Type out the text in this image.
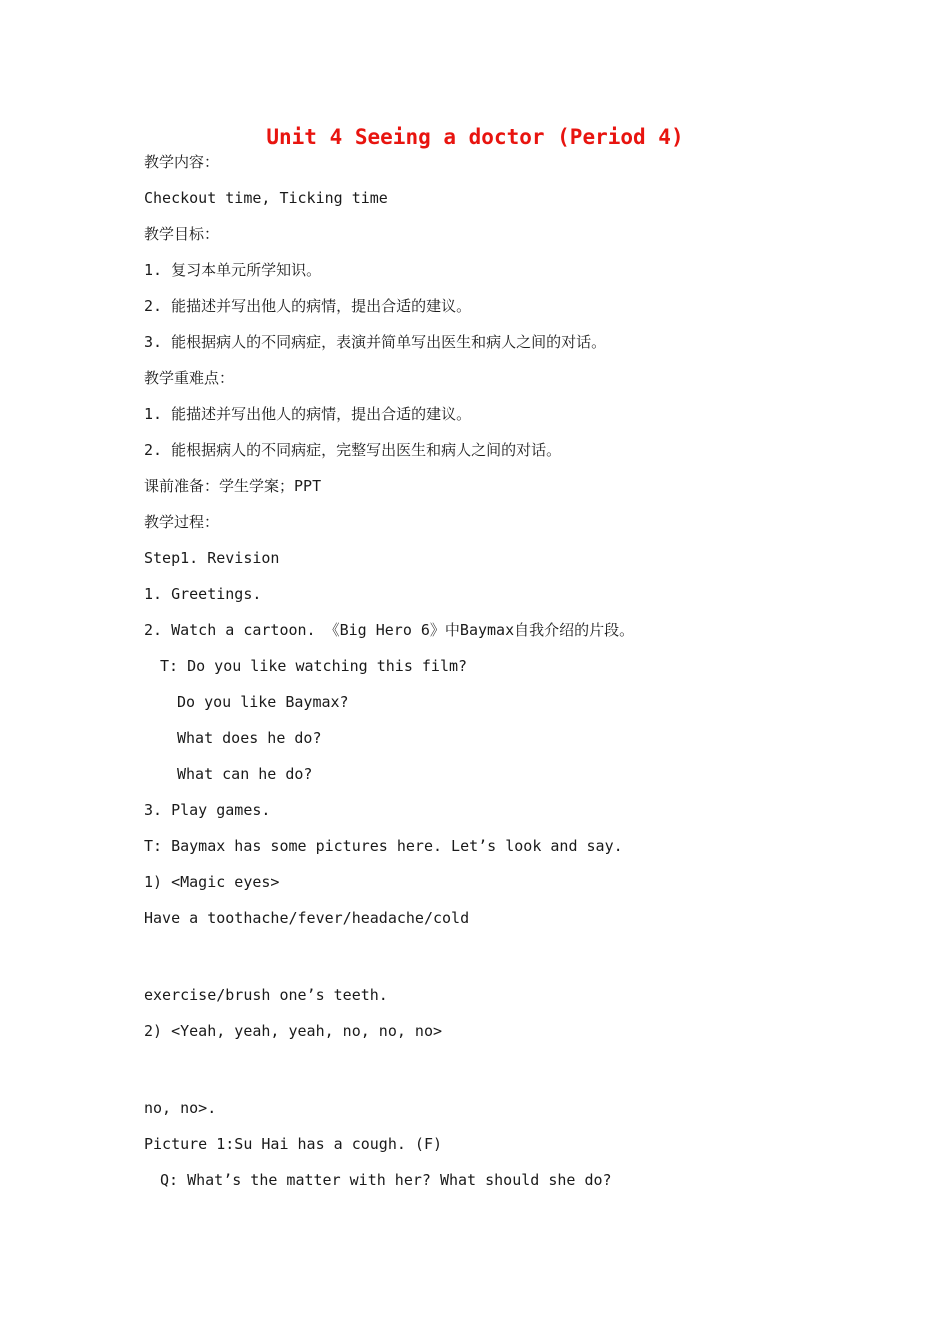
Unit 4 Seeing a doctor (Period 4)
教学内容：
Checkout time, Ticking time
教学目标：
1. 复习本单元所学知识。
2. 能描述并写出他人的病情，提出合适的建议。
3. 能根据病人的不同病症，表演并简单写出医生和病人之间的对话。
教学重难点：
1. 能描述并写出他人的病情，提出合适的建议。
2. 能根据病人的不同病症，完整写出医生和病人之间的对话。
课前准备：学生学案；PPT
教学过程：
Step1. Revision
1. Greetings.
2. Watch a cartoon. 《Big Hero 6》中Baymax自我介绍的片段。
T: Do you like watching this film?
Do you like Baymax?
What does he do?
What can he do?
3. Play games.
T: Baymax has some pictures here. Let’s look and say.
1) <Magic eyes>
Have a toothache/fever/headache/cold

exercise/brush one’s teeth.
2) <Yeah, yeah, yeah, no, no, no>

no, no>.
Picture 1:Su Hai has a cough. (F)
Q: What’s the matter with her? What should she do?
